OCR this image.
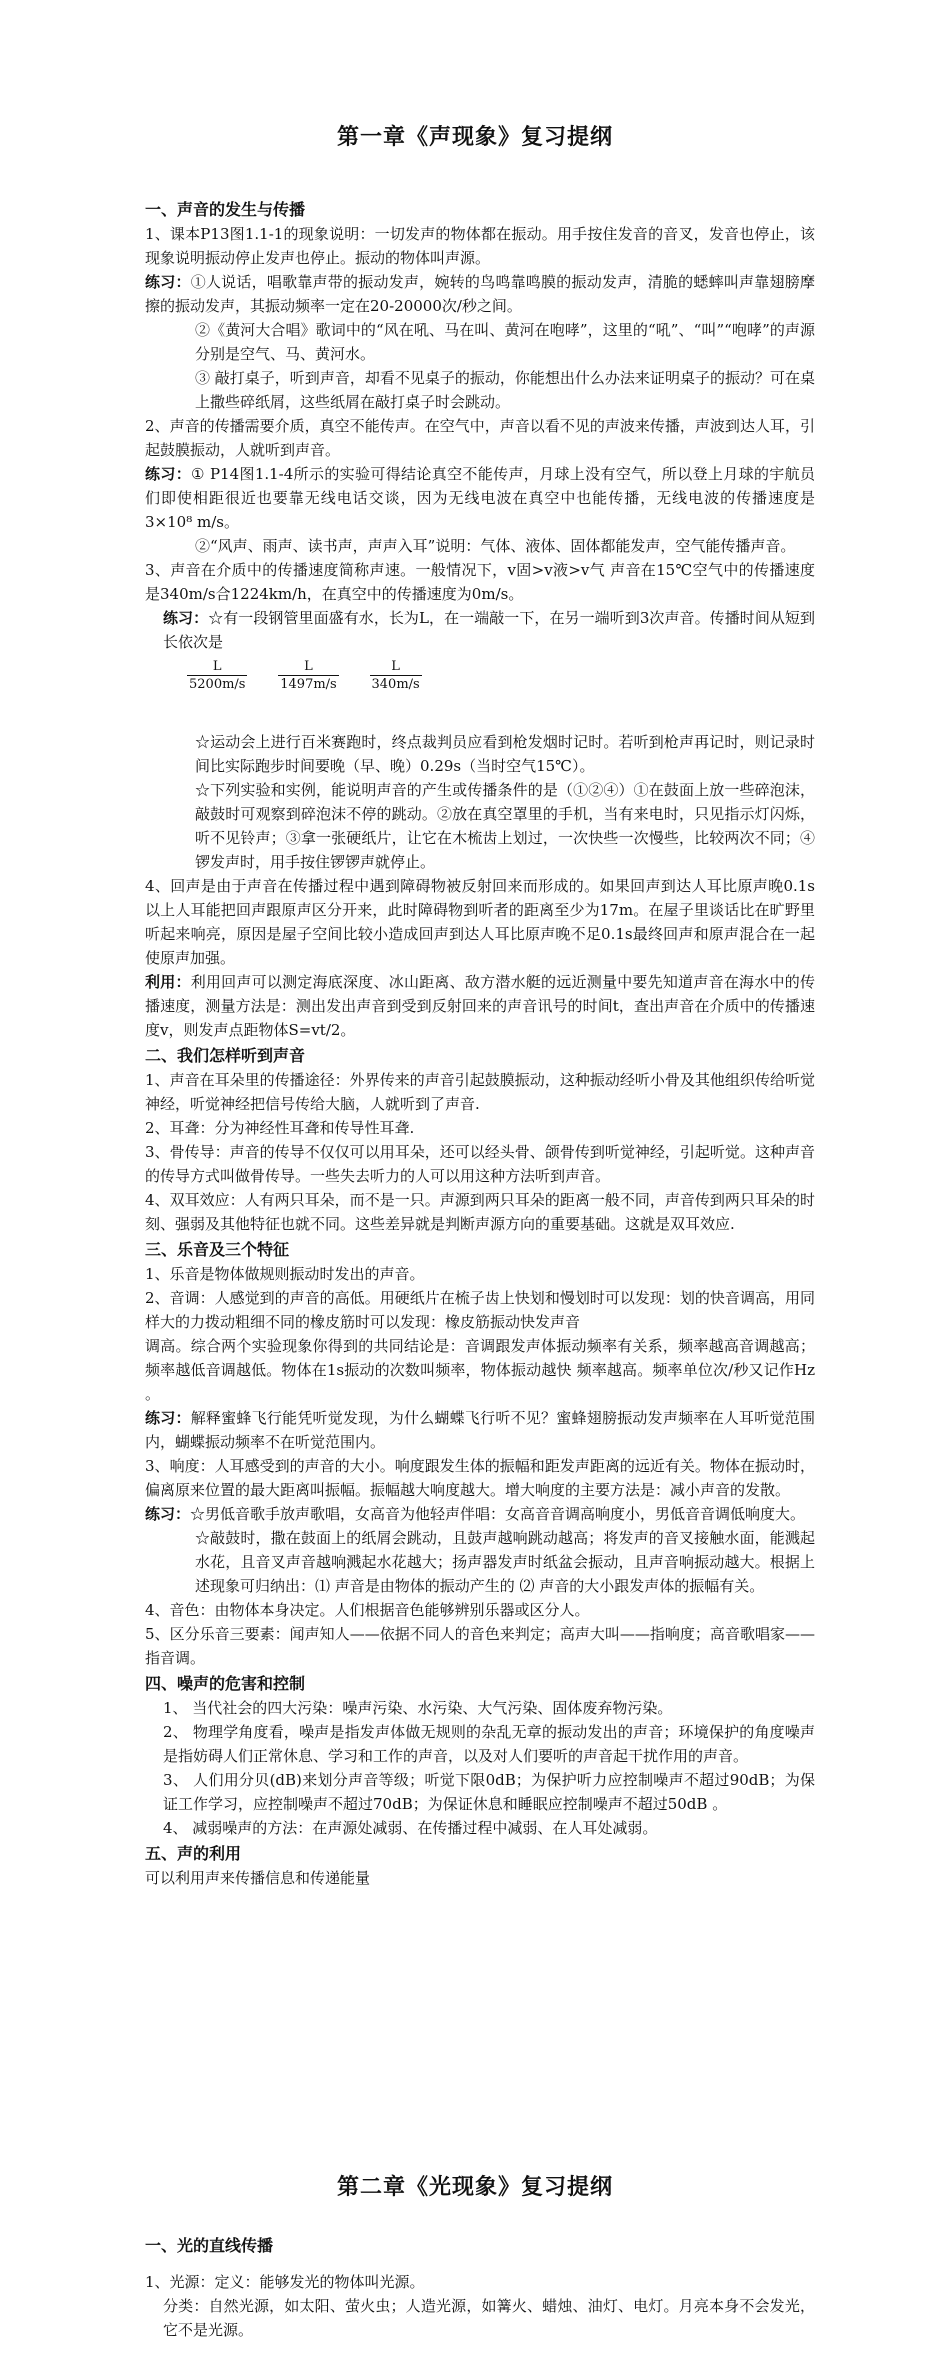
第一章《声现象》复习提纲
一、声音的发生与传播

1、课本P13图1.1-1的现象说明：一切发声的物体都在振动。用手按住发音的音叉，发音也停止，该现象说明振动停止发声也停止。振动的物体叫声源。

练习：①人说话，唱歌靠声带的振动发声，婉转的鸟鸣靠鸣膜的振动发声，清脆的蟋蟀叫声靠翅膀摩擦的振动发声，其振动频率一定在20-20000次/秒之间。

②《黄河大合唱》歌词中的“风在吼、马在叫、黄河在咆哮”，这里的“吼”、“叫”“咆哮”的声源分别是空气、马、黄河水。

③ 敲打桌子，听到声音，却看不见桌子的振动，你能想出什么办法来证明桌子的振动？可在桌上撒些碎纸屑，这些纸屑在敲打桌子时会跳动。

2、声音的传播需要介质，真空不能传声。在空气中，声音以看不见的声波来传播，声波到达人耳，引起鼓膜振动，人就听到声音。

练习：① P14图1.1-4所示的实验可得结论真空不能传声，月球上没有空气，所以登上月球的宇航员们即使相距很近也要靠无线电话交谈，因为无线电波在真空中也能传播，无线电波的传播速度是3×10⁸ m/s。

②“风声、雨声、读书声，声声入耳”说明：气体、液体、固体都能发声，空气能传播声音。

3、声音在介质中的传播速度简称声速。一般情况下，v固>v液>v气 声音在15℃空气中的传播速度是340m/s合1224km/h，在真空中的传播速度为0m/s。

练习：☆有一段钢管里面盛有水，长为L，在一端敲一下，在另一端听到3次声音。传播时间从短到长依次是

$\frac{L}{5200m/s}$
$\frac{L}{1497m/s}$
$\frac{L}{340m/s}$

☆运动会上进行百米赛跑时，终点裁判员应看到枪发烟时记时。若听到枪声再记时，则记录时间比实际跑步时间要晚（早、晚）0.29s（当时空气15℃）。

☆下列实验和实例，能说明声音的产生或传播条件的是（①②④）①在鼓面上放一些碎泡沫，敲鼓时可观察到碎泡沫不停的跳动。②放在真空罩里的手机，当有来电时，只见指示灯闪烁，听不见铃声；③拿一张硬纸片，让它在木梳齿上划过，一次快些一次慢些，比较两次不同；④锣发声时，用手按住锣锣声就停止。

4、回声是由于声音在传播过程中遇到障碍物被反射回来而形成的。如果回声到达人耳比原声晚0.1s以上人耳能把回声跟原声区分开来，此时障碍物到听者的距离至少为17m。在屋子里谈话比在旷野里听起来响亮，原因是屋子空间比较小造成回声到达人耳比原声晚不足0.1s最终回声和原声混合在一起使原声加强。

利用：利用回声可以测定海底深度、冰山距离、敌方潜水艇的远近测量中要先知道声音在海水中的传播速度，测量方法是：测出发出声音到受到反射回来的声音讯号的时间t，查出声音在介质中的传播速度v，则发声点距物体S=vt/2。

二、我们怎样听到声音

1、声音在耳朵里的传播途径：外界传来的声音引起鼓膜振动，这种振动经听小骨及其他组织传给听觉神经，听觉神经把信号传给大脑，人就听到了声音.

2、耳聋：分为神经性耳聋和传导性耳聋.

3、骨传导：声音的传导不仅仅可以用耳朵，还可以经头骨、颌骨传到听觉神经，引起听觉。这种声音的传导方式叫做骨传导。一些失去听力的人可以用这种方法听到声音。

4、双耳效应：人有两只耳朵，而不是一只。声源到两只耳朵的距离一般不同，声音传到两只耳朵的时刻、强弱及其他特征也就不同。这些差异就是判断声源方向的重要基础。这就是双耳效应.

三、乐音及三个特征

1、乐音是物体做规则振动时发出的声音。

2、音调：人感觉到的声音的高低。用硬纸片在梳子齿上快划和慢划时可以发现：划的快音调高，用同样大的力拨动粗细不同的橡皮筋时可以发现：橡皮筋振动快发声音

调高。综合两个实验现象你得到的共同结论是：音调跟发声体振动频率有关系，频率越高音调越高；频率越低音调越低。物体在1s振动的次数叫频率，物体振动越快 频率越高。频率单位次/秒又记作Hz 。

练习：解释蜜蜂飞行能凭听觉发现，为什么蝴蝶飞行听不见？蜜蜂翅膀振动发声频率在人耳听觉范围内，蝴蝶振动频率不在听觉范围内。

3、响度：人耳感受到的声音的大小。响度跟发生体的振幅和距发声距离的远近有关。物体在振动时，偏离原来位置的最大距离叫振幅。振幅越大响度越大。增大响度的主要方法是：减小声音的发散。

练习：☆男低音歌手放声歌唱，女高音为他轻声伴唱：女高音音调高响度小，男低音音调低响度大。

☆敲鼓时，撒在鼓面上的纸屑会跳动，且鼓声越响跳动越高；将发声的音叉接触水面，能溅起水花，且音叉声音越响溅起水花越大；扬声器发声时纸盆会振动，且声音响振动越大。根据上述现象可归纳出：⑴ 声音是由物体的振动产生的 ⑵ 声音的大小跟发声体的振幅有关。

4、音色：由物体本身决定。人们根据音色能够辨别乐器或区分人。

5、区分乐音三要素：闻声知人——依据不同人的音色来判定；高声大叫——指响度；高音歌唱家——指音调。

四、噪声的危害和控制

1、 当代社会的四大污染：噪声污染、水污染、大气污染、固体废弃物污染。

2、 物理学角度看，噪声是指发声体做无规则的杂乱无章的振动发出的声音；环境保护的角度噪声是指妨碍人们正常休息、学习和工作的声音，以及对人们要听的声音起干扰作用的声音。

3、 人们用分贝(dB)来划分声音等级；听觉下限0dB；为保护听力应控制噪声不超过90dB；为保证工作学习，应控制噪声不超过70dB；为保证休息和睡眠应控制噪声不超过50dB 。

4、 减弱噪声的方法：在声源处减弱、在传播过程中减弱、在人耳处减弱。

五、声的利用

可以利用声来传播信息和传递能量

第二章《光现象》复习提纲
一、光的直线传播

1、光源：定义：能够发光的物体叫光源。

分类：自然光源，如太阳、萤火虫；人造光源，如篝火、蜡烛、油灯、电灯。月亮本身不会发光，它不是光源。
